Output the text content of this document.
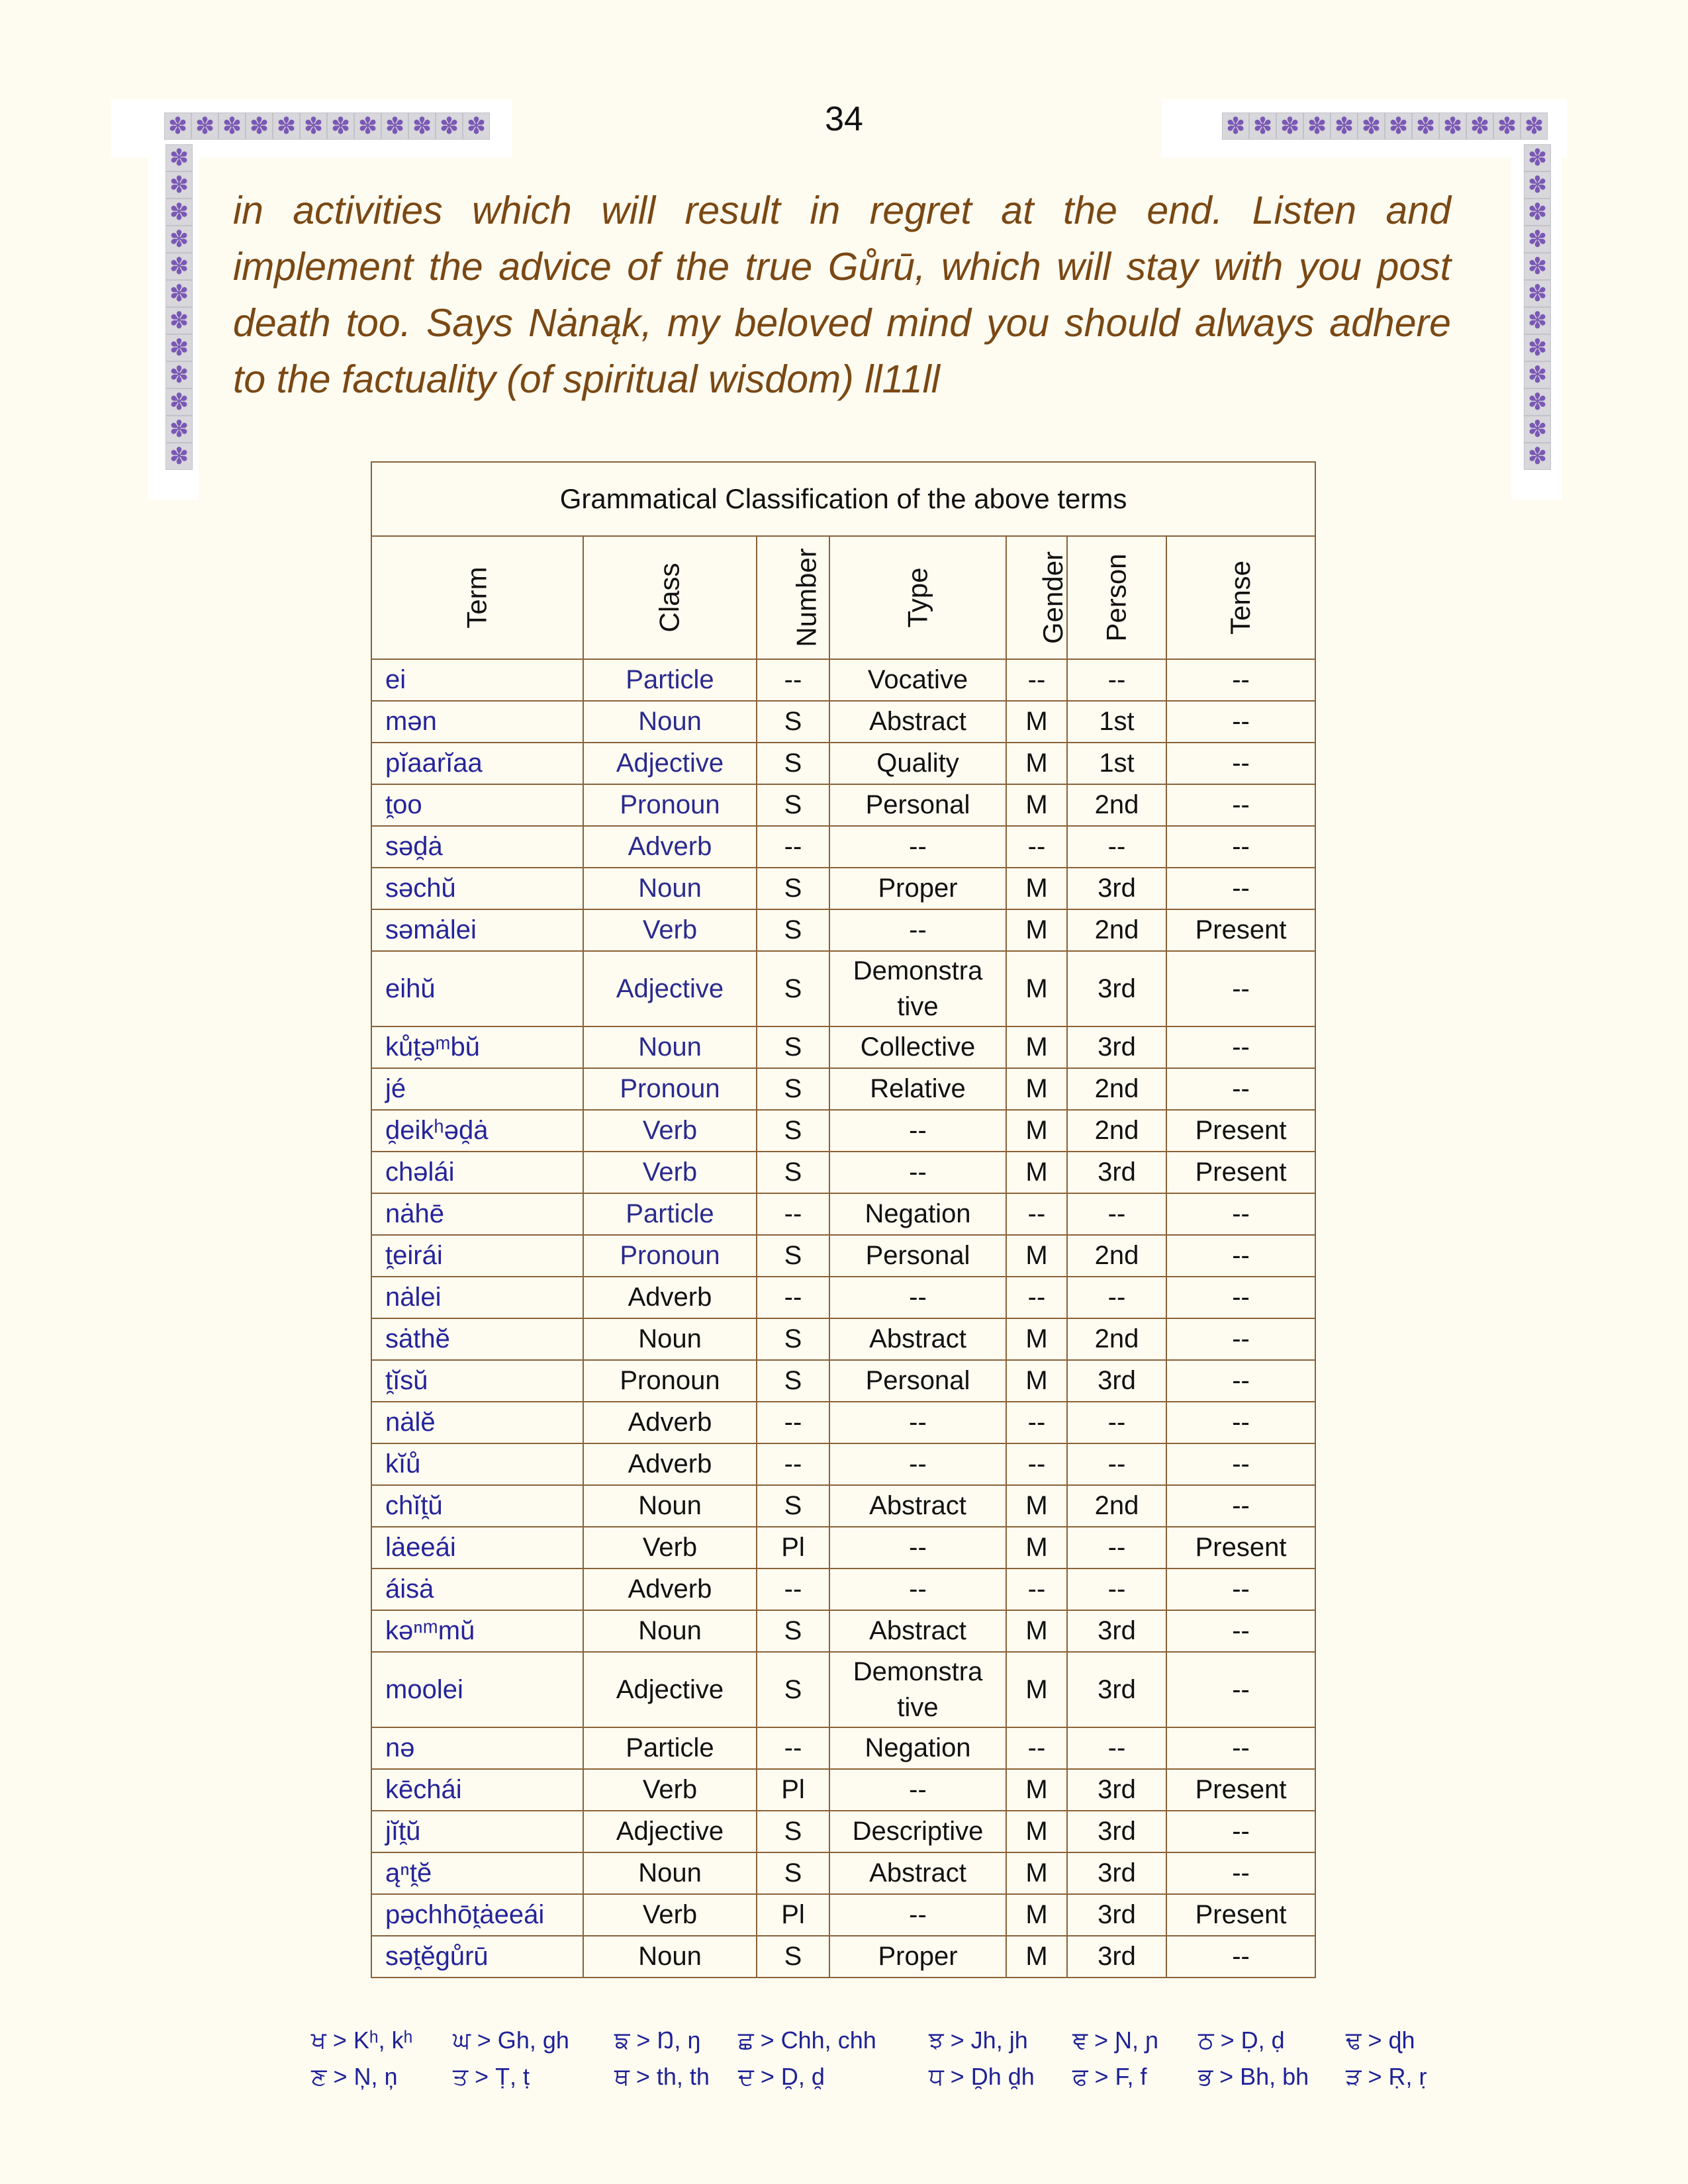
✽ ✽ ✽ ✽ ✽ ✽ ✽ ✽ ✽ ✽ ✽ ✽	✽ ✽ ✽ ✽ ✽ ✽ ✽ ✽ ✽ ✽ ✽ ✽
✽
✽
✽
✽
✽
✽
✽
✽
✽
✽
✽
✽
✽
✽
✽
✽
✽
✽
✽
✽
✽
✽
✽
✽
34
in activities which will result in regret at the end. Listen and
implement the advice of the true Gůrū, which will stay with you post
death too. Says Nȧnąk, my beloved mind you should always adhere
to the factuality (of spiritual wisdom) ll11ll
Grammatical Classification of the above terms						
Term	Class	Number	Type	Gender	Person	Tense
ei	Particle	--	Vocative	--	--	--
mən	Noun	S	Abstract	M	1st	--
pĭaarĭaa	Adjective	S	Quality	M	1st	--
t̯oo	Pronoun	S	Personal	M	2nd	--
səd̯ȧ	Adverb	--	--	--	--	--
səchŭ	Noun	S	Proper	M	3rd	--
səmȧlei	Verb	S	--	M	2nd	Present
eihŭ	Adjective	S	Demonstra tive	M	3rd	--
kůt̯əᵐbŭ	Noun	S	Collective	M	3rd	--
jé	Pronoun	S	Relative	M	2nd	--
d̯eikʰəd̯ȧ	Verb	S	--	M	2nd	Present
chəlái	Verb	S	--	M	3rd	Present
nȧhē	Particle	--	Negation	--	--	--
t̯eirái	Pronoun	S	Personal	M	2nd	--
nȧlei	Adverb	--	--	--	--	--
sȧthĕ	Noun	S	Abstract	M	2nd	--
t̯ĭsŭ	Pronoun	S	Personal	M	3rd	--
nȧlĕ	Adverb	--	--	--	--	--
kĭů	Adverb	--	--	--	--	--
chĭt̯ŭ	Noun	S	Abstract	M	2nd	--
lȧeeái	Verb	Pl	--	M	--	Present
áisȧ	Adverb	--	--	--	--	--
kəⁿᵐmŭ	Noun	S	Abstract	M	3rd	--
moolei	Adjective	S	Demonstra tive	M	3rd	--
nə	Particle	--	Negation	--	--	--
kēchái	Verb	Pl	--	M	3rd	Present
jĭt̯ŭ	Adjective	S	Descriptive	M	3rd	--
ąⁿt̯ĕ	Noun	S	Abstract	M	3rd	--
pəchhōt̯ȧeeái	Verb	Pl	--	M	3rd	Present
sət̯ĕgůrū	Noun	S	Proper	M	3rd	--
ਖ > Kʰ, kʰ ਘ > Gh, gh ਙ > Ŋ, ŋ ਛ > Chh, chh ਝ > Jh, jh ਞ > Ɲ, ɲ ਠ > Ḍ, ḍ	ਢ > ɖh
ਣ > Ņ, ņ ਤ > Ṭ, ṭ	ਥ > th, th ਦ > D̯, d̯	ਧ > D̯h d̯h ਫ > F, f ਭ > Bh, bh ੜ > Ṛ, ṛ
